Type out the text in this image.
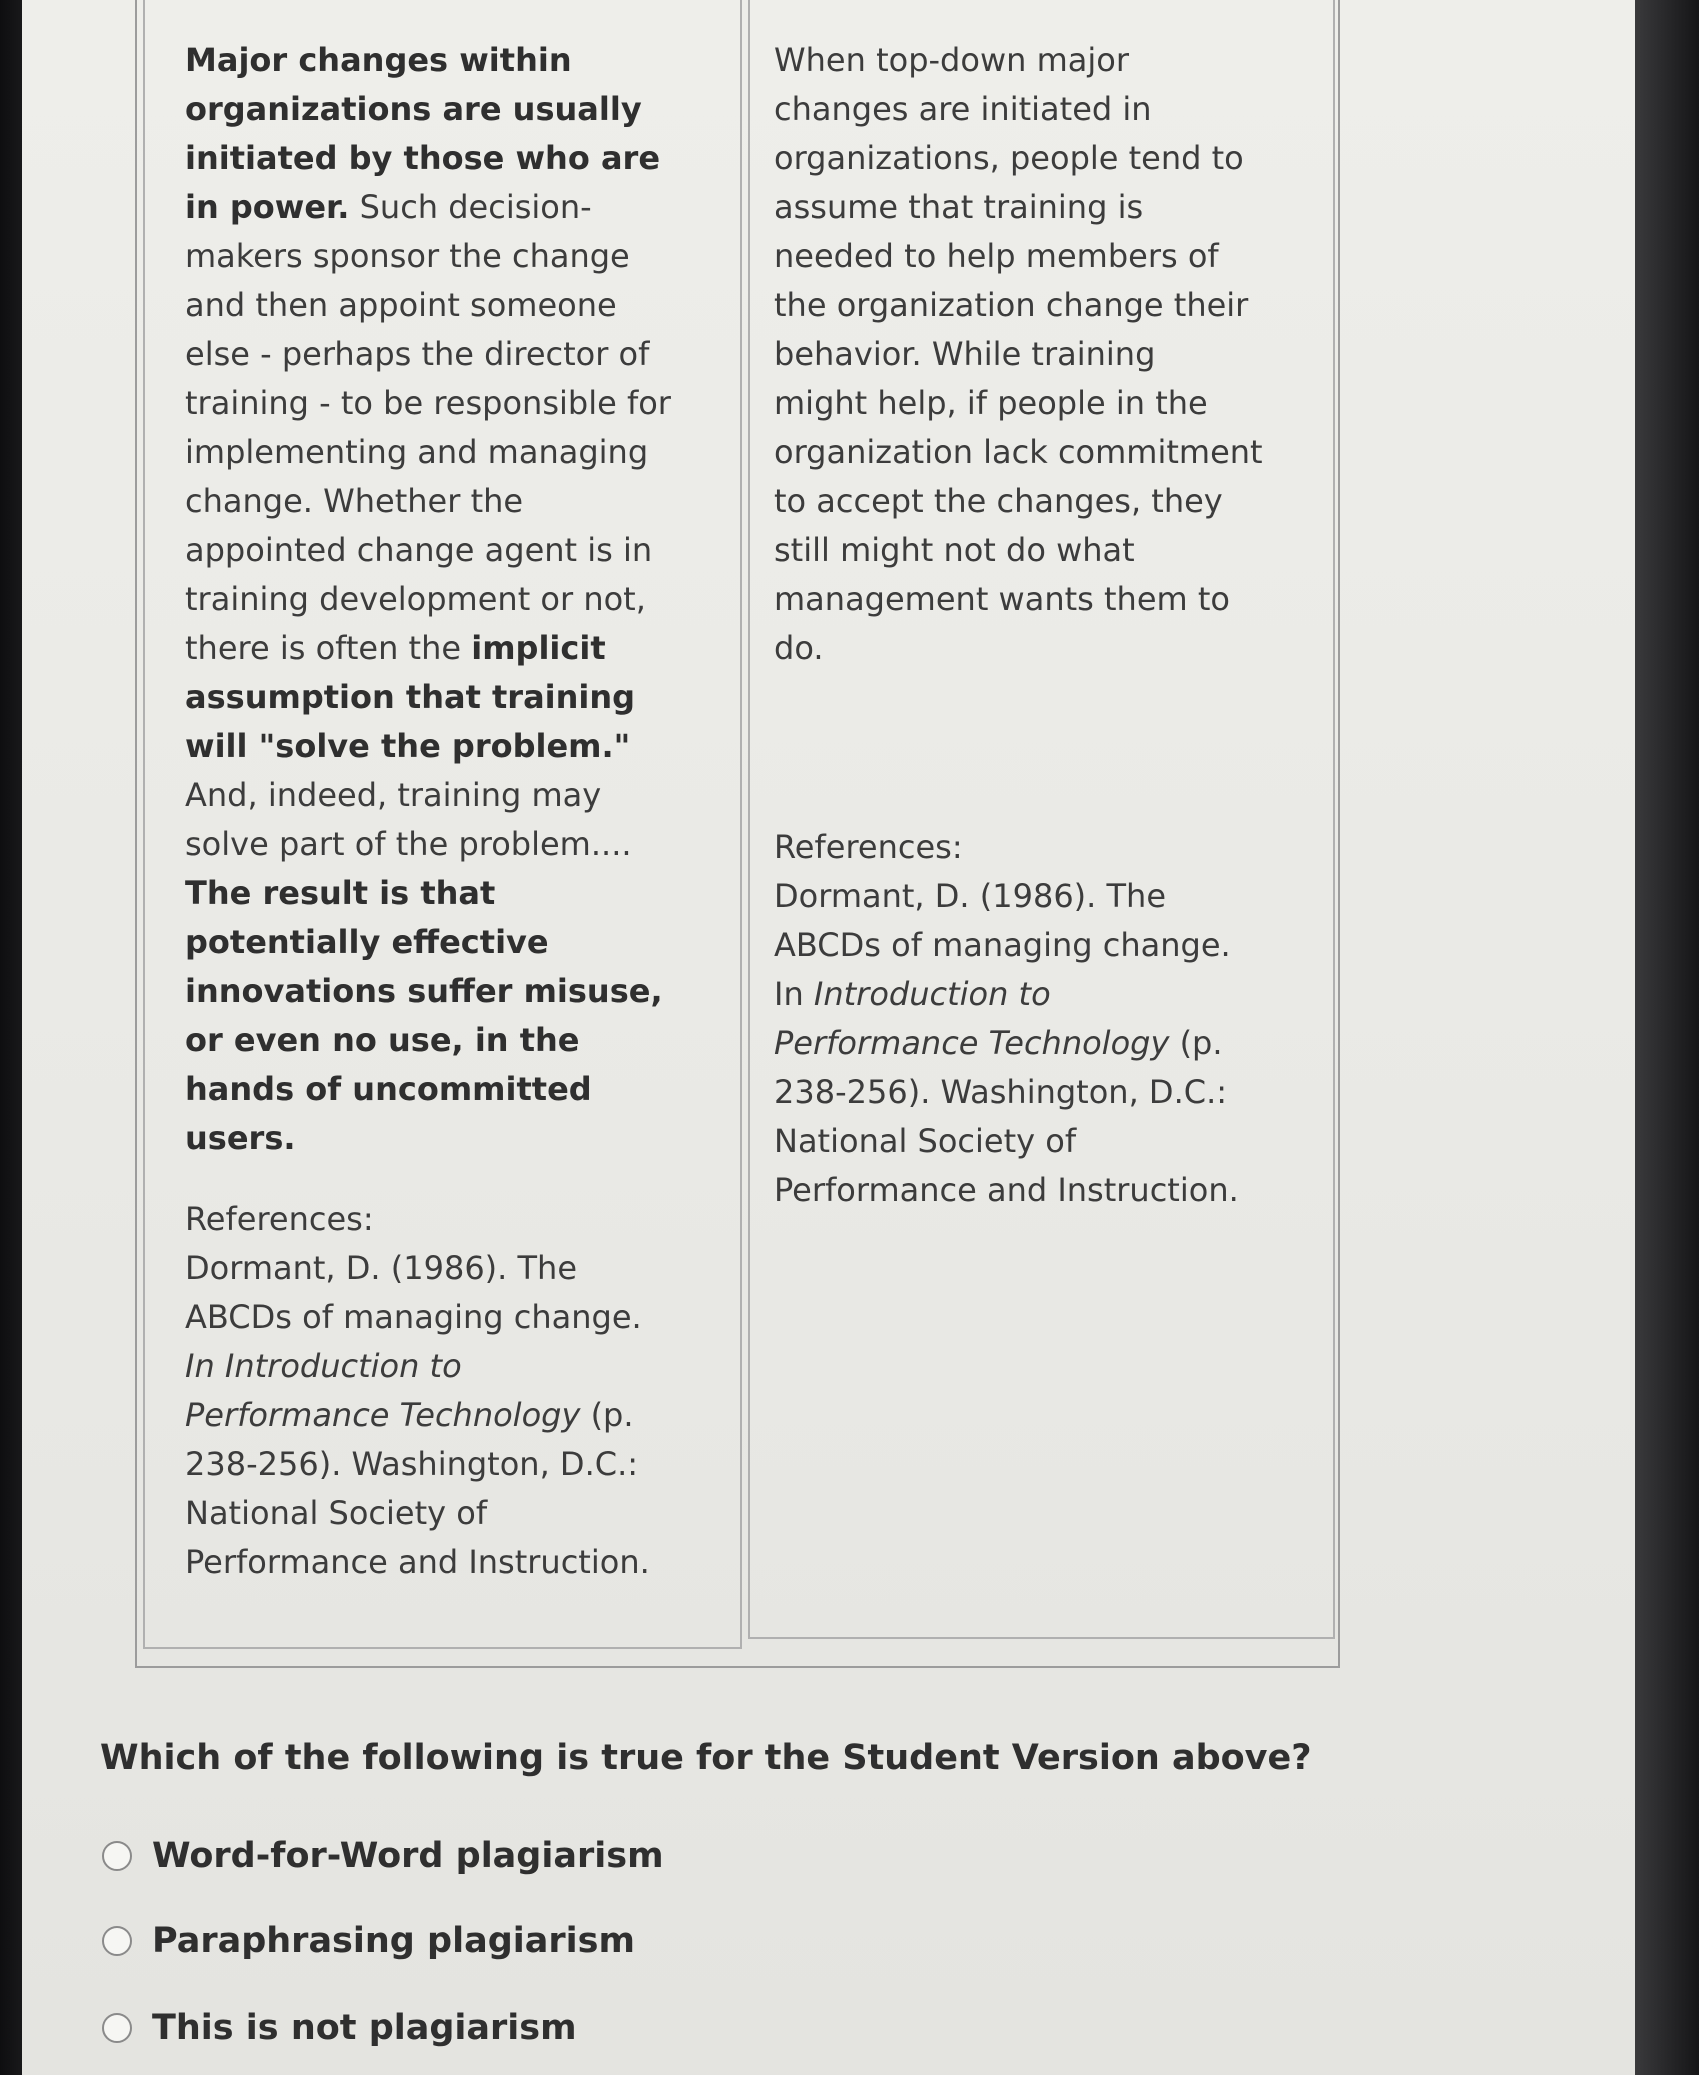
Major changes within
organizations are usually
initiated by those who are
in power. Such decision-
makers sponsor the change
and then appoint someone
else - perhaps the director of
training - to be responsible for
implementing and managing
change. Whether the
appointed change agent is in
training development or not,
there is often the implicit
assumption that training
will "solve the problem."
And, indeed, training may
solve part of the problem....
The result is that
potentially effective
innovations suffer misuse,
or even no use, in the
hands of uncommitted
users.
References:
Dormant, D. (1986). The
ABCDs of managing change.
In Introduction to
Performance Technology (p.
238-256). Washington, D.C.:
National Society of
Performance and Instruction.
When top-down major
changes are initiated in
organizations, people tend to
assume that training is
needed to help members of
the organization change their
behavior. While training
might help, if people in the
organization lack commitment
to accept the changes, they
still might not do what
management wants them to
do.
References:
Dormant, D. (1986). The
ABCDs of managing change.
In Introduction to
Performance Technology (p.
238-256). Washington, D.C.:
National Society of
Performance and Instruction.
Which of the following is true for the Student Version above?
Word-for-Word plagiarism
Paraphrasing plagiarism
This is not plagiarism
